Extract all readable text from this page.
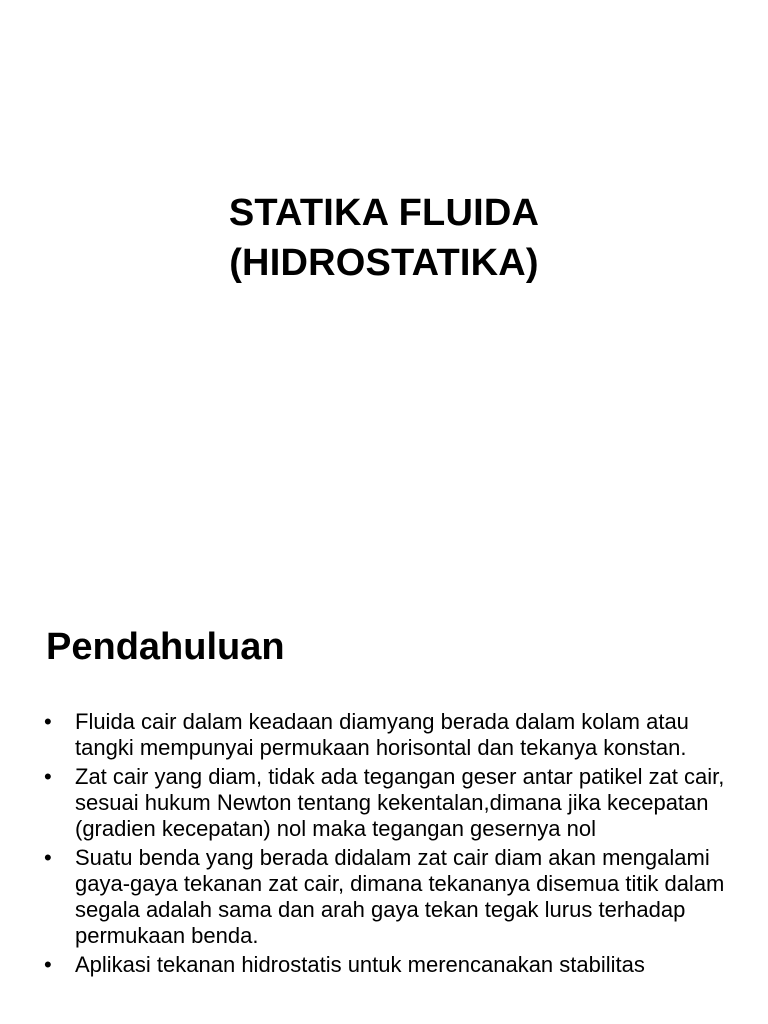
STATIKA FLUIDA
(HIDROSTATIKA)
Pendahuluan
• Fluida cair dalam keadaan diamyang berada dalam kolam atau tangki mempunyai permukaan horisontal dan tekanya konstan.
• Zat cair yang diam, tidak ada tegangan geser antar patikel zat cair, sesuai hukum Newton tentang kekentalan,dimana jika kecepatan (gradien kecepatan) nol maka tegangan gesernya nol
• Suatu benda yang berada didalam zat cair diam akan mengalami gaya-gaya tekanan zat cair, dimana tekananya disemua titik dalam segala adalah sama dan arah gaya tekan tegak lurus terhadap permukaan benda.
• Aplikasi tekanan hidrostatis untuk merencanakan stabilitas
